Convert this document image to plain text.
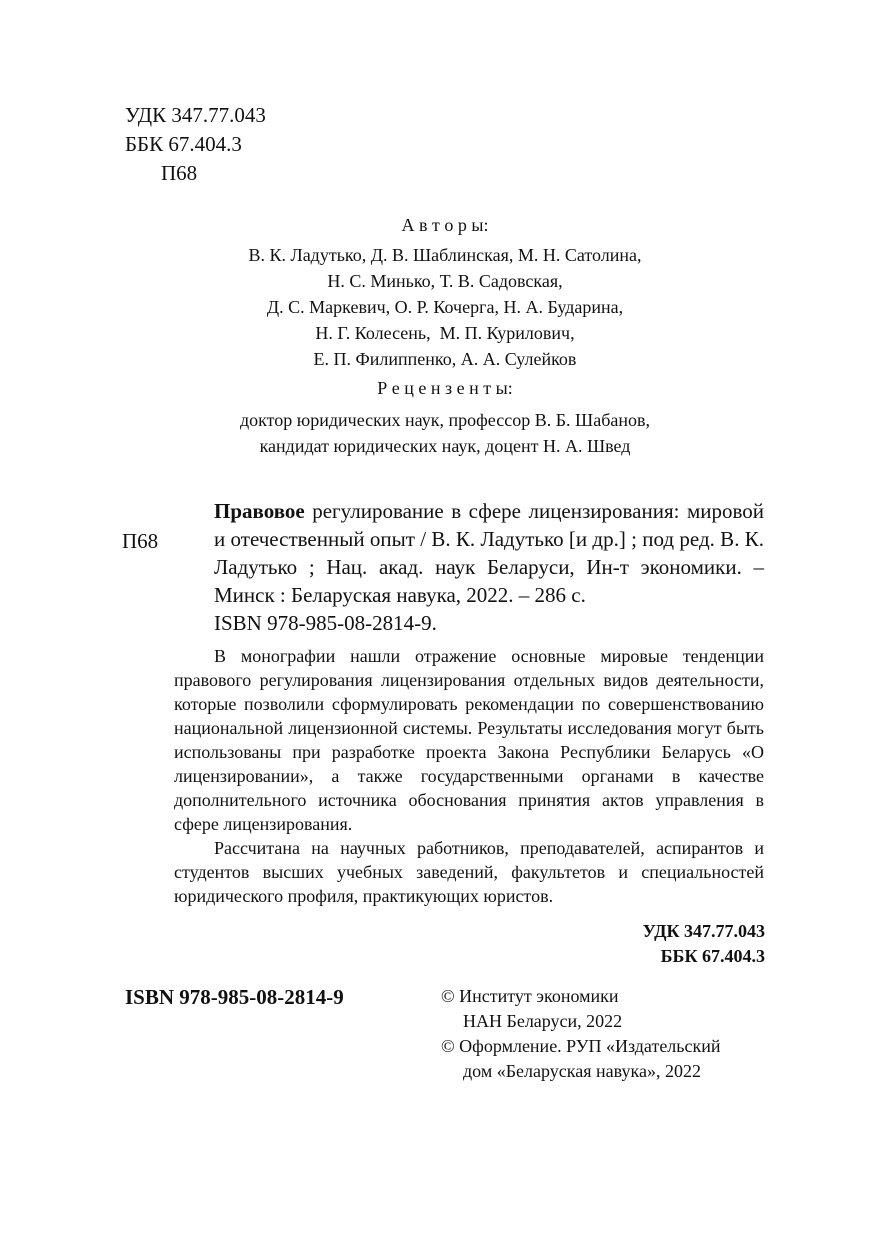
УДК 347.77.043
ББК 67.404.3
П68
А в т о р ы:
В. К. Ладутько, Д. В. Шаблинская, М. Н. Сатолина,
Н. С. Минько, Т. В. Садовская,
Д. С. Маркевич, О. Р. Кочерга, Н. А. Бударина,
Н. Г. Колесень,  М. П. Курилович,
Е. П. Филиппенко, А. А. Сулейков
Р е ц е н з е н т ы:
доктор юридических наук, профессор В. Б. Шабанов,
кандидат юридических наук, доцент Н. А. Швед
П68

Правовое регулирование в сфере лицензирования: мировой и отечественный опыт / В. К. Ладутько [и др.] ; под ред. В. К. Ладутько ; Нац. акад. наук Беларуси, Ин-т экономики. – Минск : Беларуская навука, 2022. – 286 с.

ISBN 978-985-08-2814-9.

В монографии нашли отражение основные мировые тенденции правового регулирования лицензирования отдельных видов деятельности, которые позволили сформулировать рекомендации по совершенствованию национальной лицензионной системы. Результаты исследования могут быть использованы при разработке проекта Закона Республики Беларусь «О лицензировании», а также государственными органами в качестве дополнительного источника обоснования принятия актов управления в сфере лицензирования.

Рассчитана на научных работников, преподавателей, аспирантов и студентов высших учебных заведений, факультетов и специальностей юридического профиля, практикующих юристов.

УДК 347.77.043
ББК 67.404.3
ISBN 978-985-08-2814-9	© Институт экономики
НАН Беларуси, 2022
© Оформление. РУП «Издательский
дом «Беларуская навука», 2022
